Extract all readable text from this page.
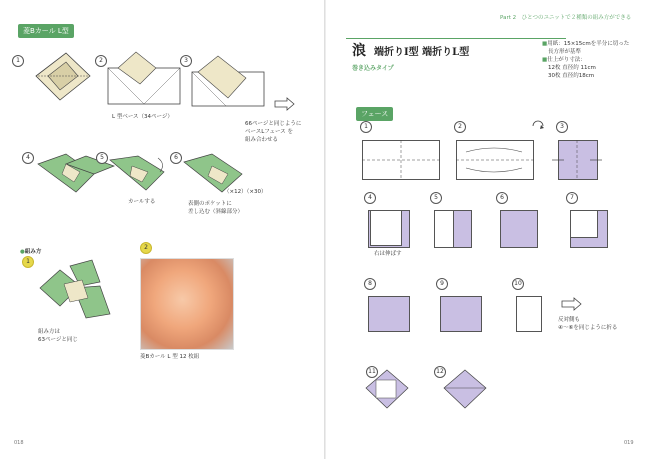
菱Bカール L型
1	2
L 型ベース（34ページ）
3
66ページと同じように
ベースLフェース を
組み合わせる
4	5
カールする
6
（×12）（×30）
表側のポケットに
差し込む（斜線部分）

●組み方

1
組み方は
63ページと同じ
2
菱Bカール L 型 12 枚組
018
Part 2　ひとつのユニットで２種類の組み方ができる
浪 端折りI型 端折りL型
巻き込みタイプ
■用紙：15×15cmを半分に切った
長方形が基準
■仕上がり寸法：
12枚 直径約 11cm
30枚 直径約18cm
フェース
1	2	3
4
右は伸ばす
5	6	7
8	9	10
反対側も
④～⑥を同じように折る
11	12
019
